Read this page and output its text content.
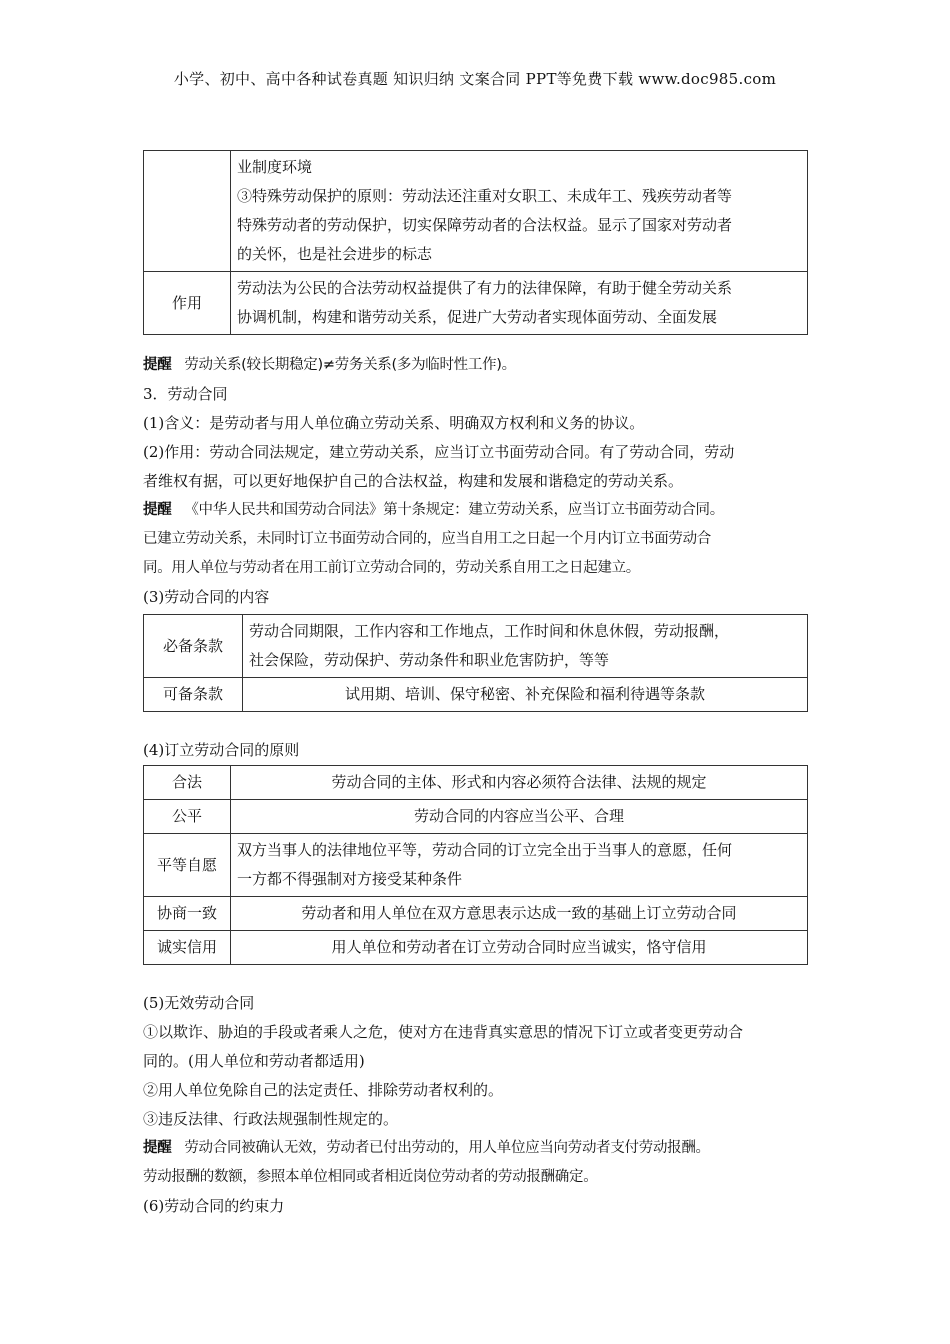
小学、初中、高中各种试卷真题 知识归纳 文案合同 PPT等免费下载 www.doc985.com

	业制度环境

③特殊劳动保护的原则：劳动法还注重对女职工、未成年工、残疾劳动者等

特殊劳动者的劳动保护，切实保障劳动者的合法权益。显示了国家对劳动者

的关怀，也是社会进步的标志

作用	劳动法为公民的合法劳动权益提供了有力的法律保障，有助于健全劳动关系

协调机制，构建和谐劳动关系，促进广大劳动者实现体面劳动、全面发展

提醒 劳动关系(较长期稳定)≠劳务关系(多为临时性工作)。

3．劳动合同

(1)含义：是劳动者与用人单位确立劳动关系、明确双方权利和义务的协议。

(2)作用：劳动合同法规定，建立劳动关系，应当订立书面劳动合同。有了劳动合同，劳动

者维权有据，可以更好地保护自己的合法权益，构建和发展和谐稳定的劳动关系。

提醒 《中华人民共和国劳动合同法》第十条规定：建立劳动关系，应当订立书面劳动合同。

已建立劳动关系，未同时订立书面劳动合同的，应当自用工之日起一个月内订立书面劳动合

同。用人单位与劳动者在用工前订立劳动合同的，劳动关系自用工之日起建立。

(3)劳动合同的内容

必备条款	劳动合同期限，工作内容和工作地点，工作时间和休息休假，劳动报酬，

社会保险，劳动保护、劳动条件和职业危害防护，等等

可备条款	试用期、培训、保守秘密、补充保险和福利待遇等条款

(4)订立劳动合同的原则

合法	劳动合同的主体、形式和内容必须符合法律、法规的规定
公平	劳动合同的内容应当公平、合理
平等自愿	双方当事人的法律地位平等，劳动合同的订立完全出于当事人的意愿，任何

一方都不得强制对方接受某种条件

协商一致	劳动者和用人单位在双方意思表示达成一致的基础上订立劳动合同
诚实信用	用人单位和劳动者在订立劳动合同时应当诚实，恪守信用

(5)无效劳动合同

①以欺诈、胁迫的手段或者乘人之危，使对方在违背真实意思的情况下订立或者变更劳动合

同的。(用人单位和劳动者都适用)

②用人单位免除自己的法定责任、排除劳动者权利的。

③违反法律、行政法规强制性规定的。

提醒 劳动合同被确认无效，劳动者已付出劳动的，用人单位应当向劳动者支付劳动报酬。

劳动报酬的数额，参照本单位相同或者相近岗位劳动者的劳动报酬确定。

(6)劳动合同的约束力
